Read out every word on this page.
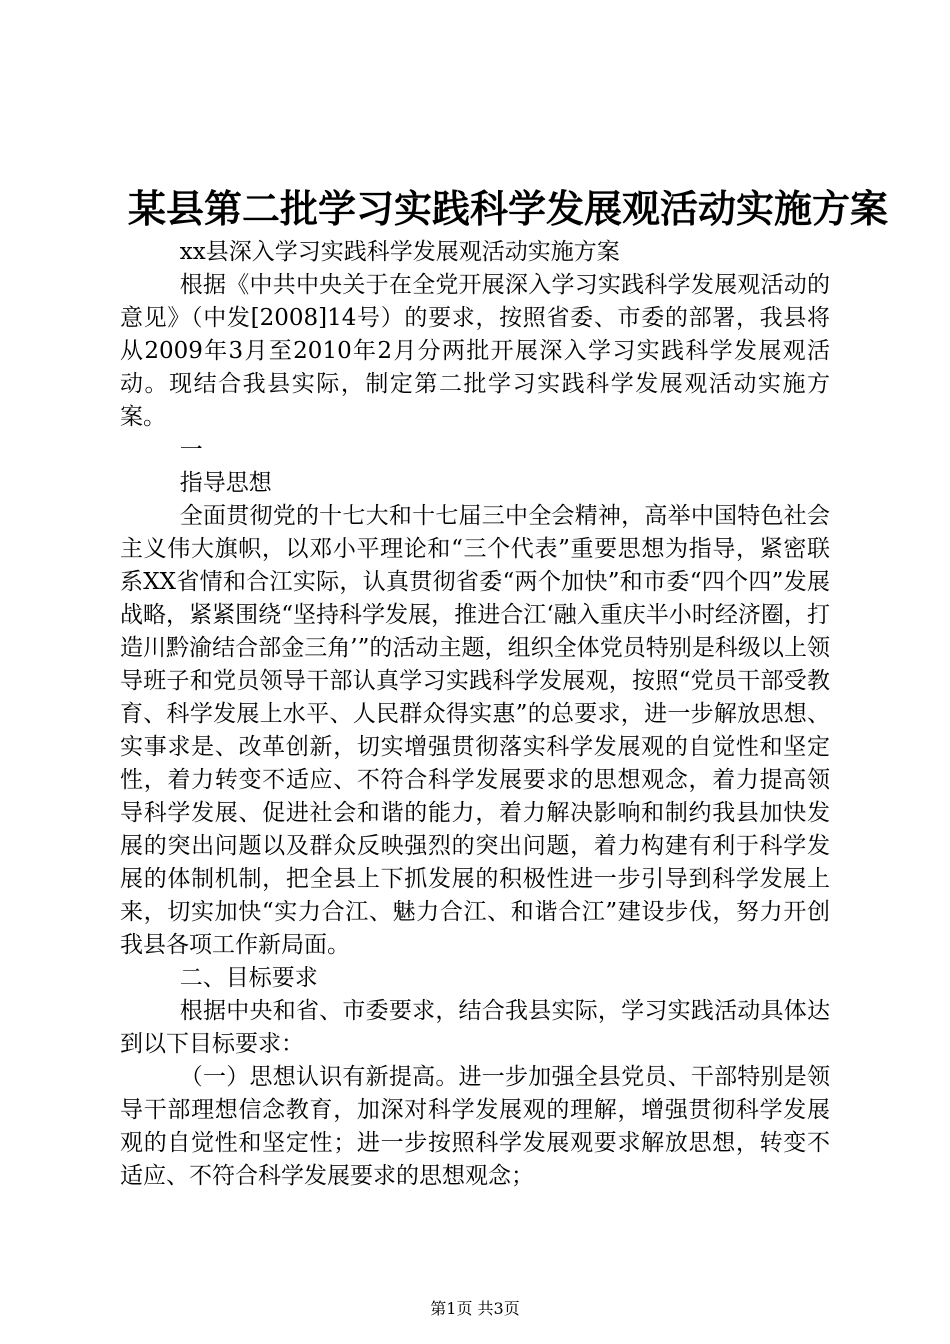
某县第二批学习实践科学发展观活动实施方案

xx县深入学习实践科学发展观活动实施方案

根据《中共中央关于在全党开展深入学习实践科学发展观活动的意见》（中发[2008]14号）的要求，按照省委、市委的部署，我县将从2009年3月至2010年2月分两批开展深入学习实践科学发展观活动。现结合我县实际，制定第二批学习实践科学发展观活动实施方案。

一

指导思想

全面贯彻党的十七大和十七届三中全会精神，高举中国特色社会主义伟大旗帜，以邓小平理论和“三个代表”重要思想为指导，紧密联系XX省情和合江实际，认真贯彻省委“两个加快”和市委“四个四”发展战略，紧紧围绕“坚持科学发展，推进合江‘融入重庆半小时经济圈，打造川黔渝结合部金三角’”的活动主题，组织全体党员特别是科级以上领导班子和党员领导干部认真学习实践科学发展观，按照“党员干部受教育、科学发展上水平、人民群众得实惠”的总要求，进一步解放思想、实事求是、改革创新，切实增强贯彻落实科学发展观的自觉性和坚定性，着力转变不适应、不符合科学发展要求的思想观念，着力提高领导科学发展、促进社会和谐的能力，着力解决影响和制约我县加快发展的突出问题以及群众反映强烈的突出问题，着力构建有利于科学发展的体制机制，把全县上下抓发展的积极性进一步引导到科学发展上来，切实加快“实力合江、魅力合江、和谐合江”建设步伐，努力开创我县各项工作新局面。

二、目标要求

根据中央和省、市委要求，结合我县实际，学习实践活动具体达到以下目标要求：

（一）思想认识有新提高。进一步加强全县党员、干部特别是领导干部理想信念教育，加深对科学发展观的理解，增强贯彻科学发展观的自觉性和坚定性；进一步按照科学发展观要求解放思想，转变不适应、不符合科学发展要求的思想观念；

第1页 共3页
